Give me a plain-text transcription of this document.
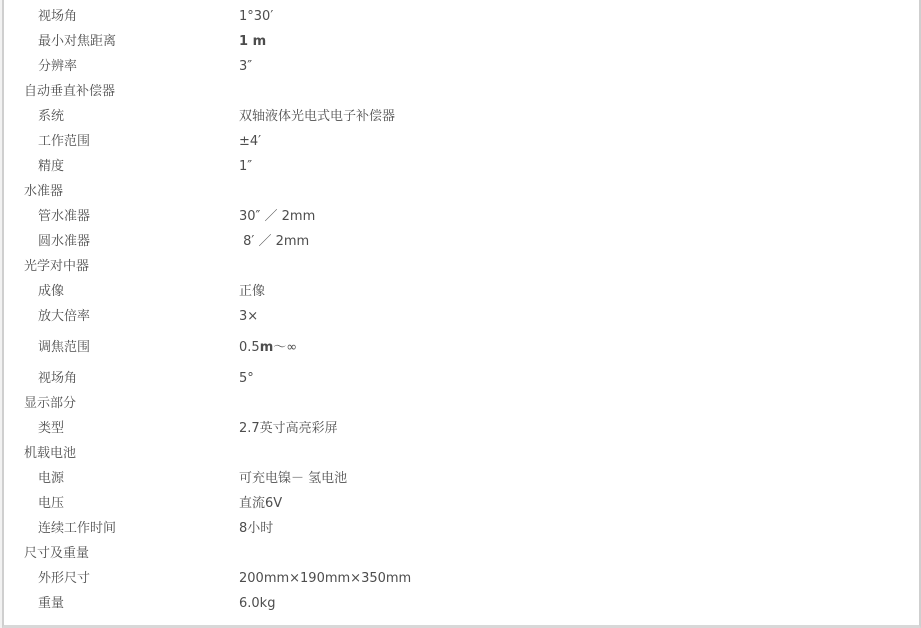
视场角	1°30′
最小对焦距离	1 m
分辨率	3″
自动垂直补偿器
系统	双轴液体光电式电子补偿器
工作范围	±4′
精度	1″
水准器
管水准器	30″ ／ 2mm
圆水准器	8′ ／ 2mm
光学对中器
成像	正像
放大倍率	3×
调焦范围	0.5m～∞
视场角	5°
显示部分
类型	2.7英寸高亮彩屏
机载电池
电源	可充电镍－ 氢电池
电压	直流6V
连续工作时间	8小时
尺寸及重量
外形尺寸	200mm×190mm×350mm
重量	6.0kg
